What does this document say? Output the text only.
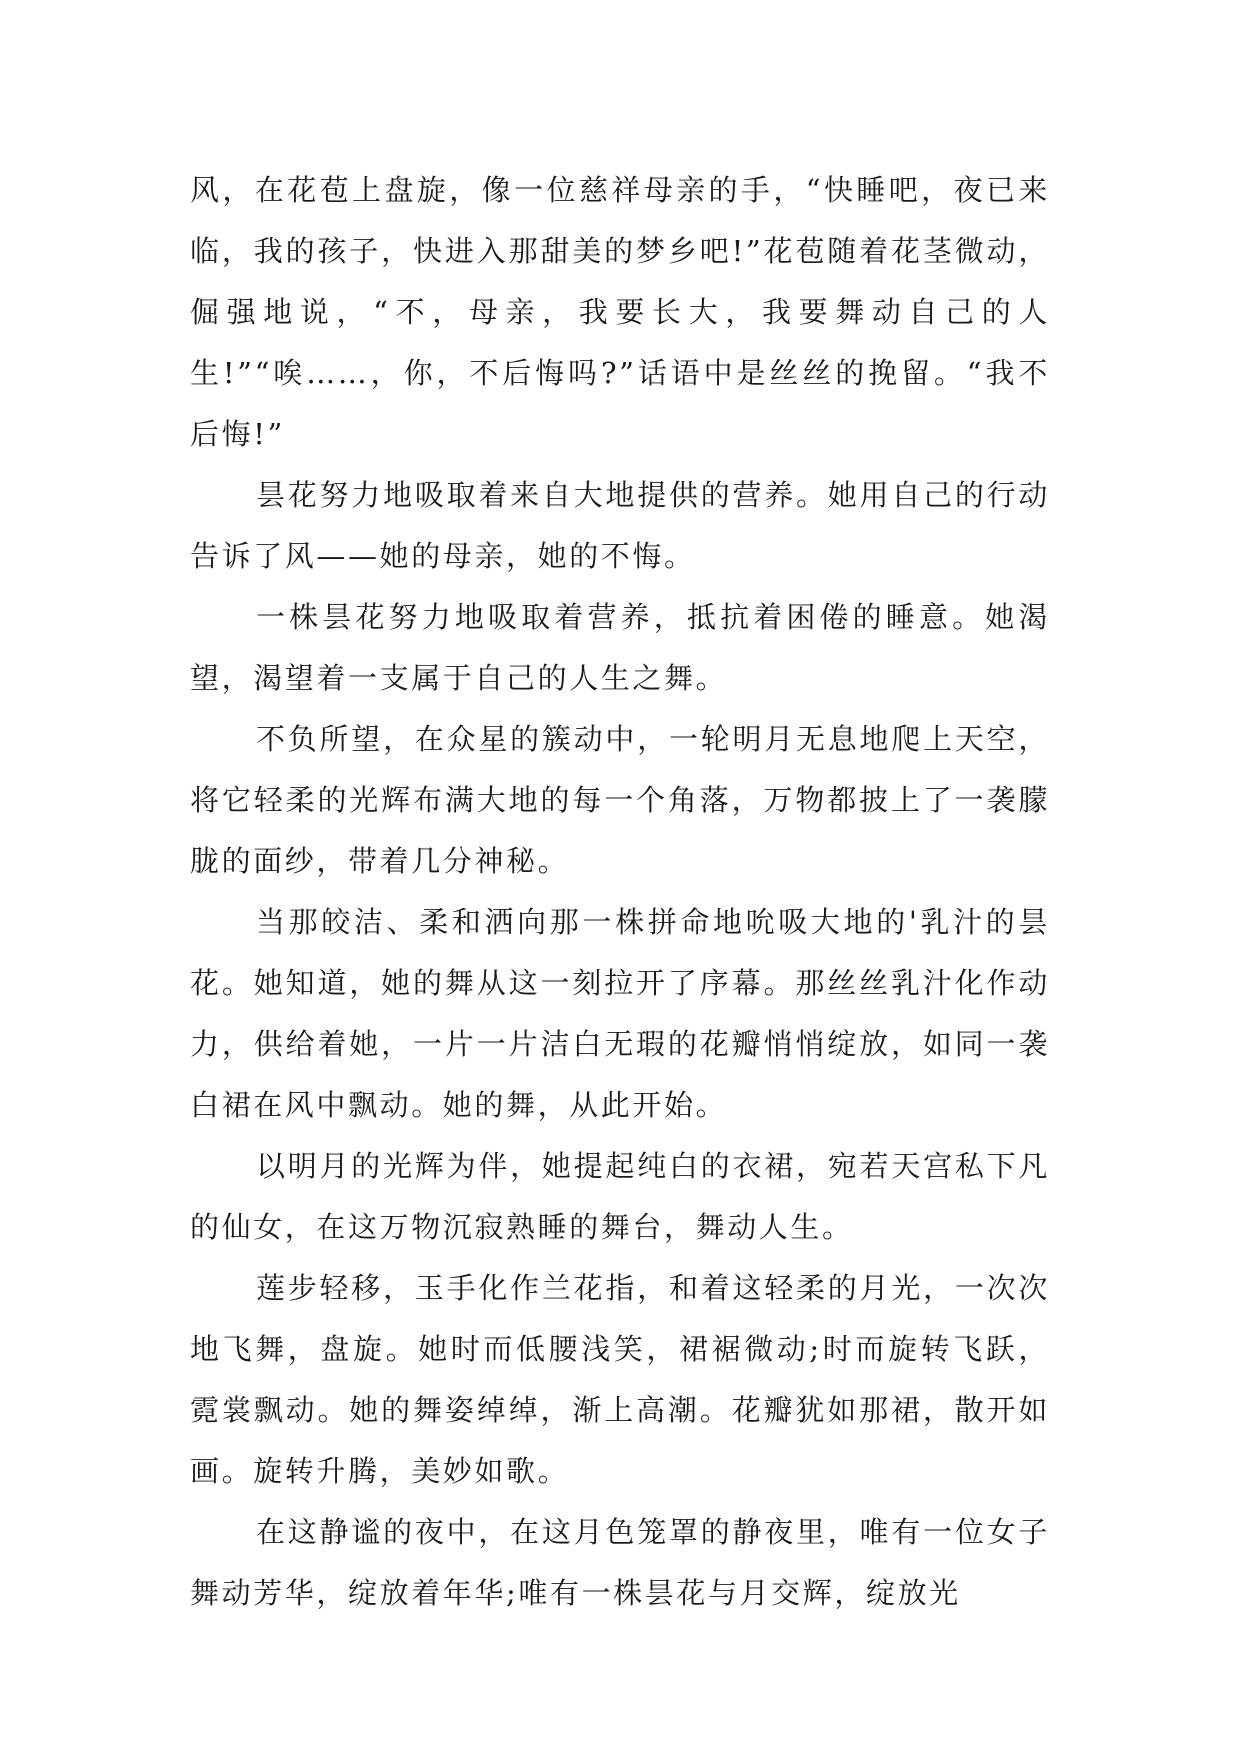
风，在花苞上盘旋，像一位慈祥母亲的手，“快睡吧，夜已来临，我的孩子，快进入那甜美的梦乡吧!”花苞随着花茎微动，倔强地说，“不，母亲，我要长大，我要舞动自己的人生!”“唉……，你，不后悔吗?”话语中是丝丝的挽留。“我不后悔!”

昙花努力地吸取着来自大地提供的营养。她用自己的行动告诉了风——她的母亲，她的不悔。

一株昙花努力地吸取着营养，抵抗着困倦的睡意。她渴望，渴望着一支属于自己的人生之舞。

不负所望，在众星的簇动中，一轮明月无息地爬上天空，将它轻柔的光辉布满大地的每一个角落，万物都披上了一袭朦胧的面纱，带着几分神秘。

当那皎洁、柔和洒向那一株拼命地吮吸大地的'乳汁的昙花。她知道，她的舞从这一刻拉开了序幕。那丝丝乳汁化作动力，供给着她，一片一片洁白无瑕的花瓣悄悄绽放，如同一袭白裙在风中飘动。她的舞，从此开始。

以明月的光辉为伴，她提起纯白的衣裙，宛若天宫私下凡的仙女，在这万物沉寂熟睡的舞台，舞动人生。

莲步轻移，玉手化作兰花指，和着这轻柔的月光，一次次地飞舞，盘旋。她时而低腰浅笑，裙裾微动;时而旋转飞跃，霓裳飘动。她的舞姿绰绰，渐上高潮。花瓣犹如那裙，散开如画。旋转升腾，美妙如歌。

在这静谧的夜中，在这月色笼罩的静夜里，唯有一位女子舞动芳华，绽放着年华;唯有一株昙花与月交辉，绽放光
